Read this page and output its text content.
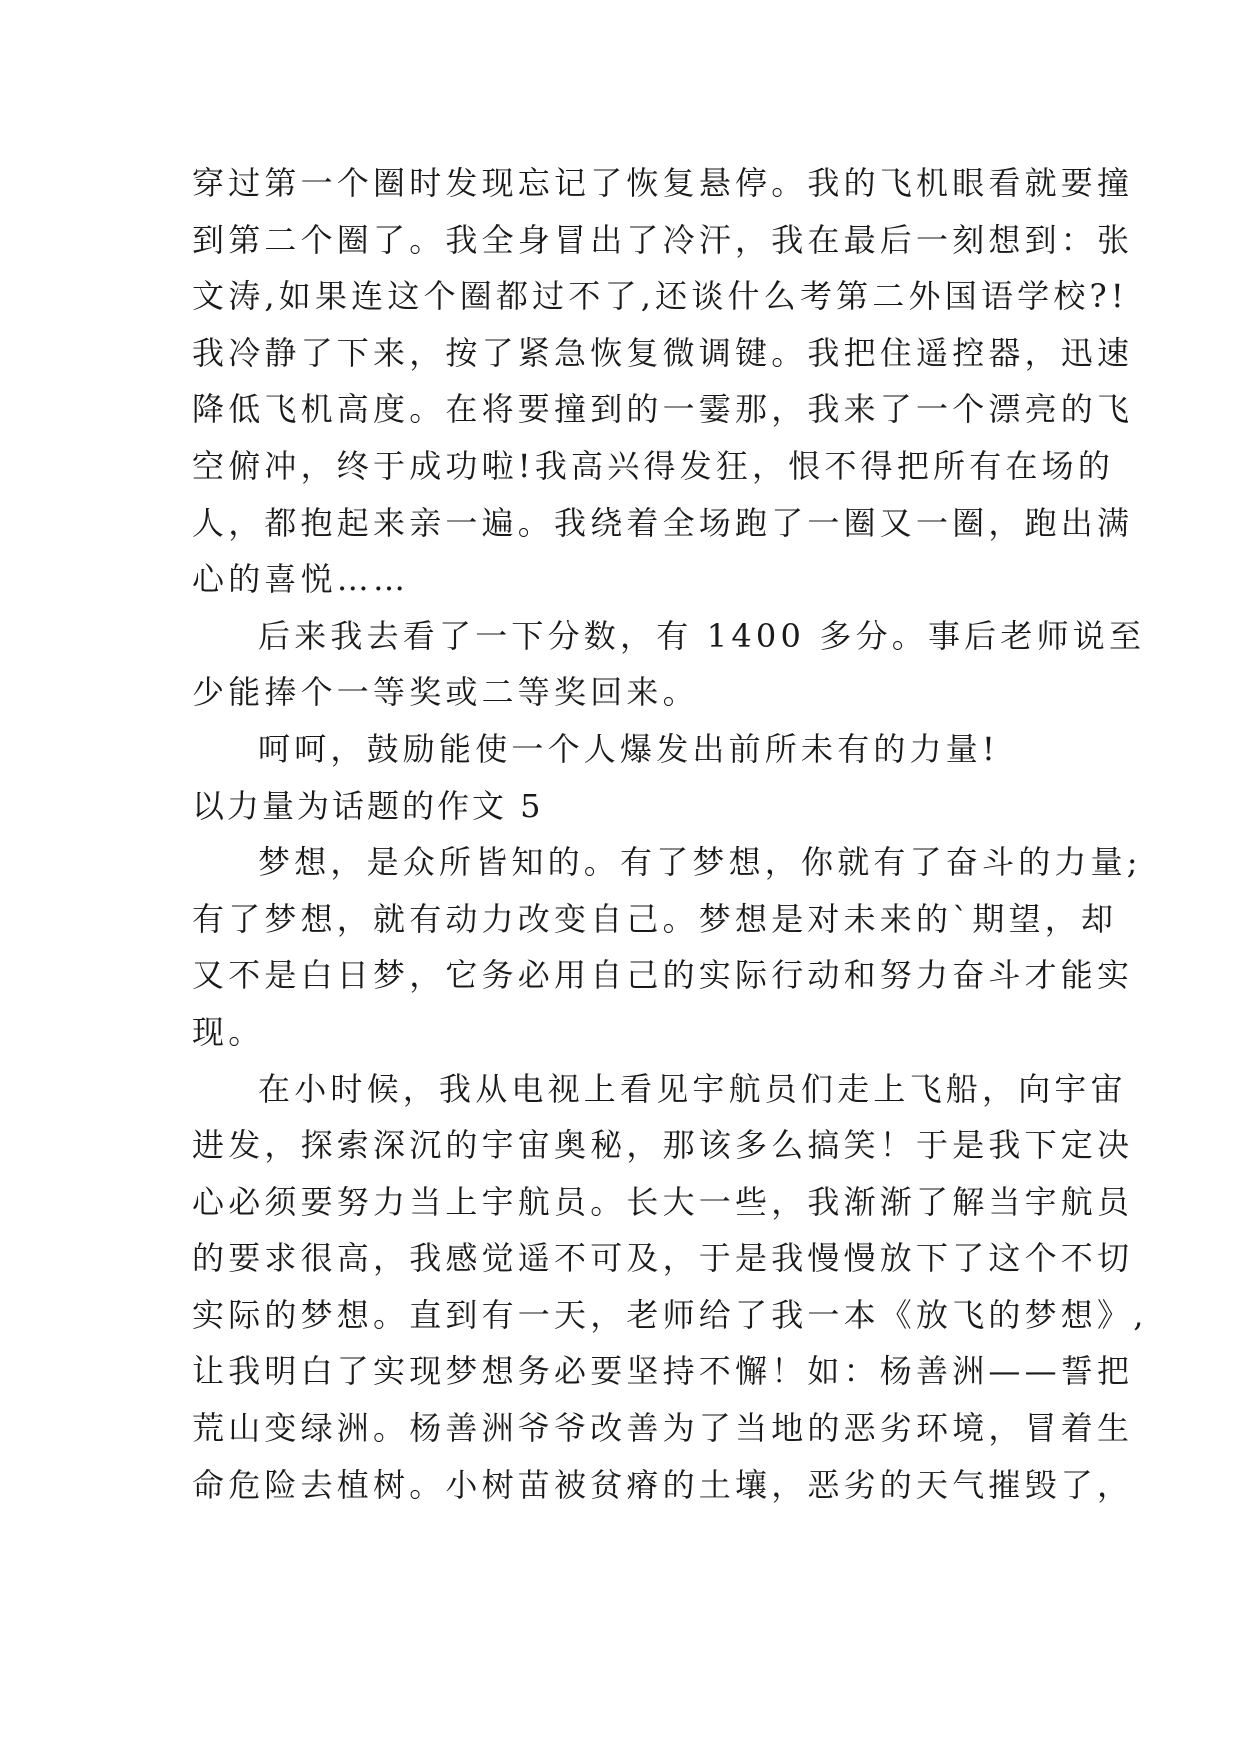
穿过第一个圈时发现忘记了恢复悬停。我的飞机眼看就要撞
到第二个圈了。我全身冒出了冷汗，我在最后一刻想到：张
文涛,如果连这个圈都过不了,还谈什么考第二外国语学校?!
我冷静了下来，按了紧急恢复微调键。我把住遥控器，迅速
降低飞机高度。在将要撞到的一霎那，我来了一个漂亮的飞
空俯冲，终于成功啦!我高兴得发狂，恨不得把所有在场的
人，都抱起来亲一遍。我绕着全场跑了一圈又一圈，跑出满
心的喜悦……
后来我去看了一下分数，有 1400 多分。事后老师说至
少能捧个一等奖或二等奖回来。
呵呵，鼓励能使一个人爆发出前所未有的力量!
以力量为话题的作文 5
梦想，是众所皆知的。有了梦想，你就有了奋斗的力量;
有了梦想，就有动力改变自己。梦想是对未来的`期望，却
又不是白日梦，它务必用自己的实际行动和努力奋斗才能实
现。
在小时候，我从电视上看见宇航员们走上飞船，向宇宙
进发，探索深沉的宇宙奥秘，那该多么搞笑！于是我下定决
心必须要努力当上宇航员。长大一些，我渐渐了解当宇航员
的要求很高，我感觉遥不可及，于是我慢慢放下了这个不切
实际的梦想。直到有一天，老师给了我一本《放飞的梦想》,
让我明白了实现梦想务必要坚持不懈！如：杨善洲——誓把
荒山变绿洲。杨善洲爷爷改善为了当地的恶劣环境，冒着生
命危险去植树。小树苗被贫瘠的土壤，恶劣的天气摧毁了，
